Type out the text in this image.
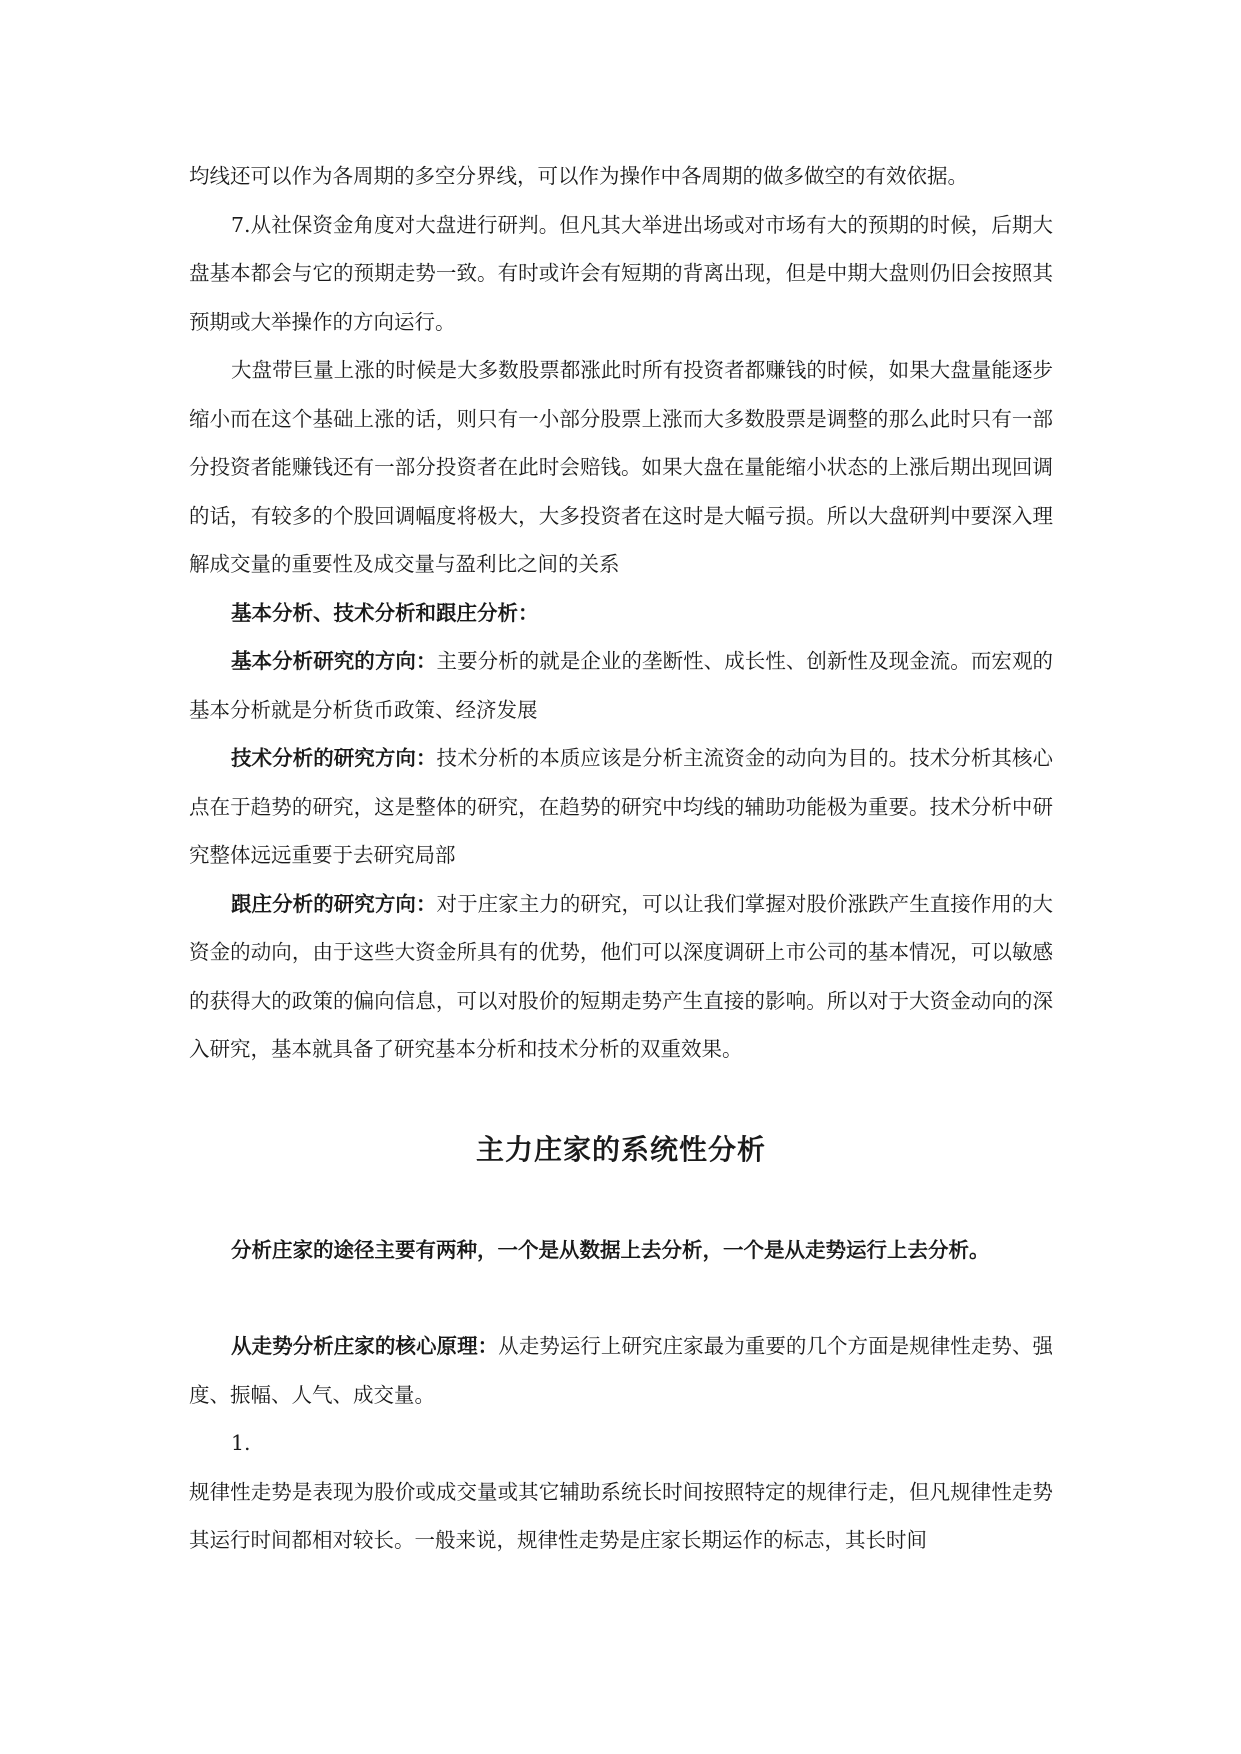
均线还可以作为各周期的多空分界线，可以作为操作中各周期的做多做空的有效依据。

7.从社保资金角度对大盘进行研判。但凡其大举进出场或对市场有大的预期的时候，后期大盘基本都会与它的预期走势一致。有时或许会有短期的背离出现，但是中期大盘则仍旧会按照其预期或大举操作的方向运行。

大盘带巨量上涨的时候是大多数股票都涨此时所有投资者都赚钱的时候，如果大盘量能逐步缩小而在这个基础上涨的话，则只有一小部分股票上涨而大多数股票是调整的那么此时只有一部分投资者能赚钱还有一部分投资者在此时会赔钱。如果大盘在量能缩小状态的上涨后期出现回调的话，有较多的个股回调幅度将极大，大多投资者在这时是大幅亏损。所以大盘研判中要深入理解成交量的重要性及成交量与盈利比之间的关系

基本分析、技术分析和跟庄分析：

基本分析研究的方向：主要分析的就是企业的垄断性、成长性、创新性及现金流。而宏观的基本分析就是分析货币政策、经济发展

技术分析的研究方向：技术分析的本质应该是分析主流资金的动向为目的。技术分析其核心点在于趋势的研究，这是整体的研究，在趋势的研究中均线的辅助功能极为重要。技术分析中研究整体远远重要于去研究局部

跟庄分析的研究方向：对于庄家主力的研究，可以让我们掌握对股价涨跌产生直接作用的大资金的动向，由于这些大资金所具有的优势，他们可以深度调研上市公司的基本情况，可以敏感的获得大的政策的偏向信息，可以对股价的短期走势产生直接的影响。所以对于大资金动向的深入研究，基本就具备了研究基本分析和技术分析的双重效果。

主力庄家的系统性分析

分析庄家的途径主要有两种，一个是从数据上去分析，一个是从走势运行上去分析。

从走势分析庄家的核心原理：从走势运行上研究庄家最为重要的几个方面是规律性走势、强度、振幅、人气、成交量。

1.

规律性走势是表现为股价或成交量或其它辅助系统长时间按照特定的规律行走，但凡规律性走势其运行时间都相对较长。一般来说，规律性走势是庄家长期运作的标志，其长时间
